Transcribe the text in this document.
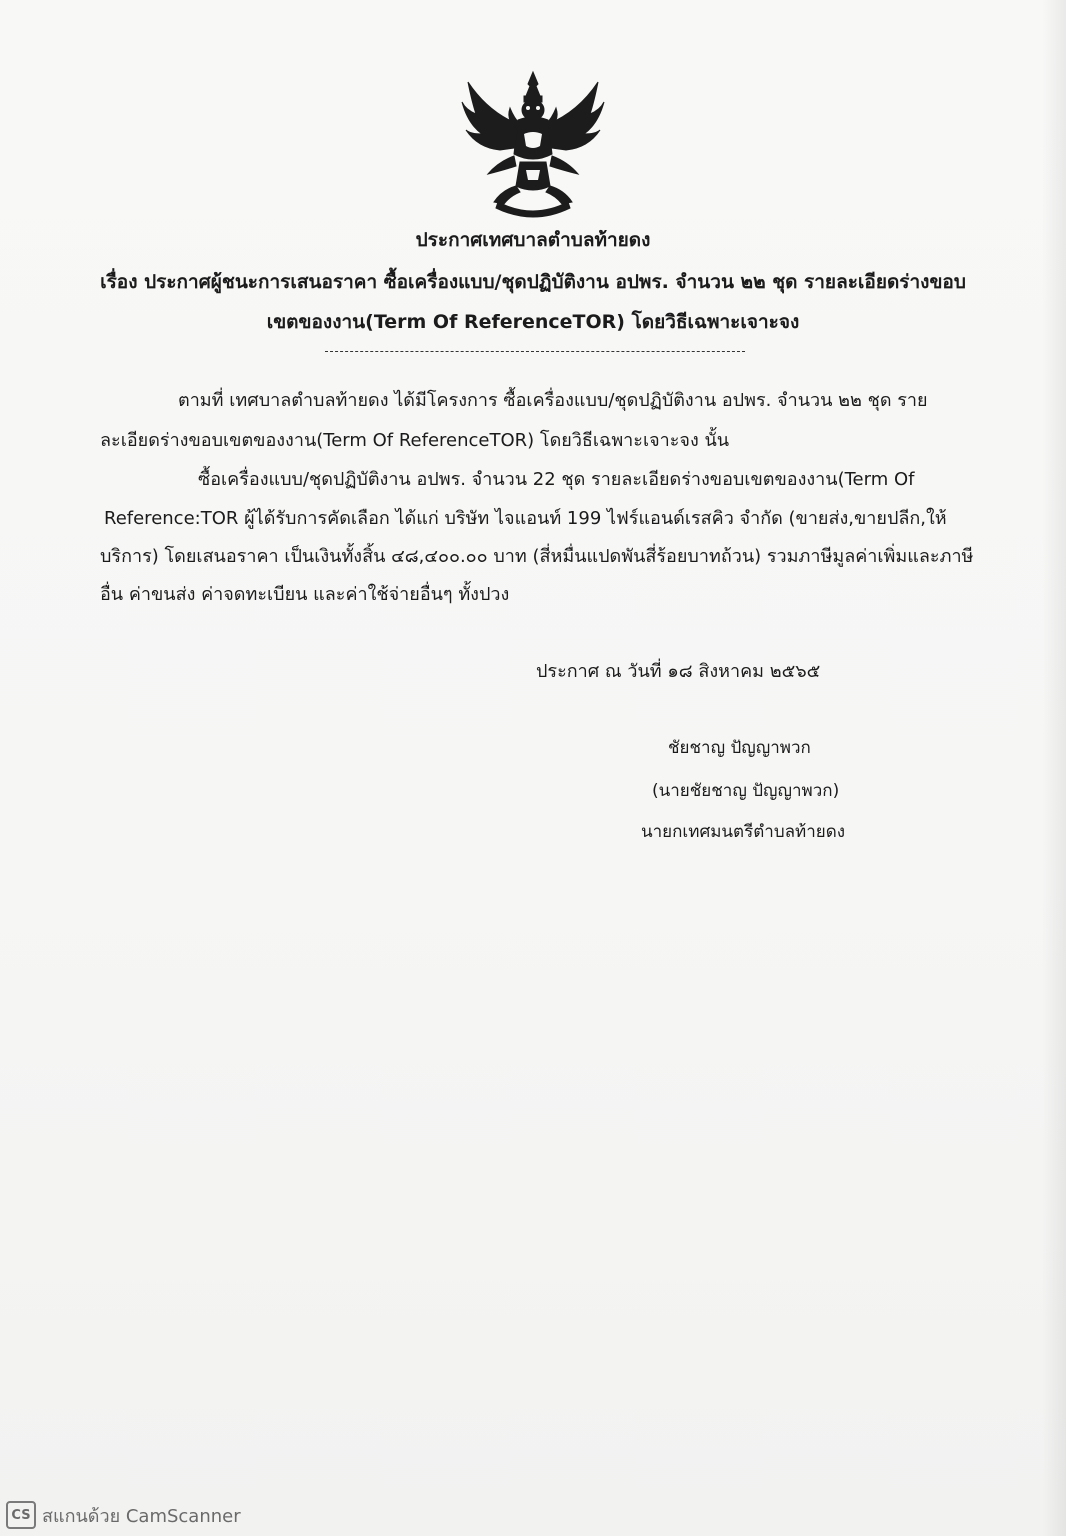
ประกาศเทศบาลตำบลท้ายดง
เรื่อง ประกาศผู้ชนะการเสนอราคา ซื้อเครื่องแบบ/ชุดปฏิบัติงาน อปพร. จำนวน ๒๒ ชุด รายละเอียดร่างขอบ
เขตของงาน(Term Of ReferenceTOR) โดยวิธีเฉพาะเจาะจง
ตามที่ เทศบาลตำบลท้ายดง ได้มีโครงการ ซื้อเครื่องแบบ/ชุดปฏิบัติงาน อปพร. จำนวน ๒๒ ชุด ราย
ละเอียดร่างขอบเขตของงาน(Term Of ReferenceTOR) โดยวิธีเฉพาะเจาะจง นั้น
ซื้อเครื่องแบบ/ชุดปฏิบัติงาน อปพร. จำนวน 22 ชุด รายละเอียดร่างขอบเขตของงาน(Term Of
Reference:TOR ผู้ได้รับการคัดเลือก ได้แก่ บริษัท ไจแอนท์ 199 ไฟร์แอนด์เรสคิว จำกัด (ขายส่ง,ขายปลีก,ให้
บริการ) โดยเสนอราคา เป็นเงินทั้งสิ้น ๔๘,๔๐๐.๐๐ บาท (สี่หมื่นแปดพันสี่ร้อยบาทถ้วน) รวมภาษีมูลค่าเพิ่มและภาษี
อื่น ค่าขนส่ง ค่าจดทะเบียน และค่าใช้จ่ายอื่นๆ ทั้งปวง
ประกาศ ณ วันที่ ๑๘ สิงหาคม ๒๕๖๕
ชัยชาญ ปัญญาพวก
(นายชัยชาญ ปัญญาพวก)
นายกเทศมนตรีตำบลท้ายดง
CS สแกนด้วย CamScanner
